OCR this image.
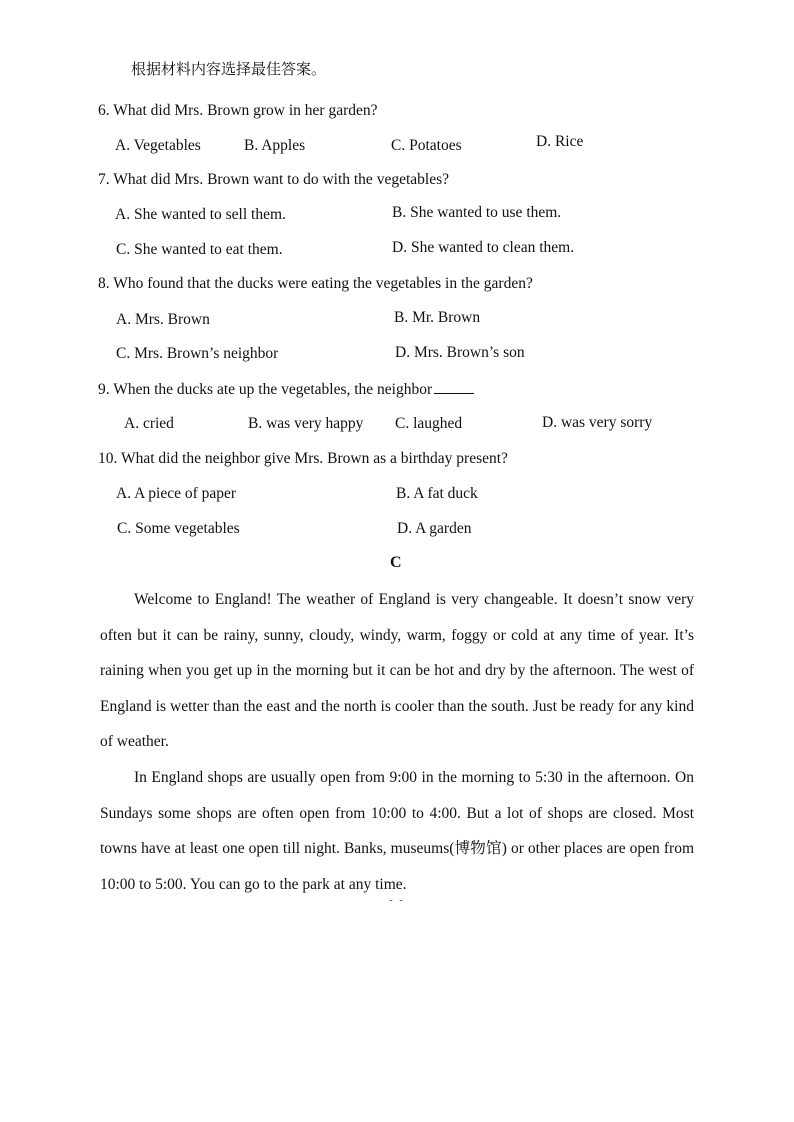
根据材料内容选择最佳答案。
6. What did Mrs. Brown grow in her garden?
A. Vegetables	B. Apples	C. Potatoes	D. Rice
7. What did Mrs. Brown want to do with the vegetables?
A. She wanted to sell them.	B. She wanted to use them.
C. She wanted to eat them.	D. She wanted to clean them.
8. Who found that the ducks were eating the vegetables in the garden?
A. Mrs. Brown	B. Mr. Brown
C. Mrs. Brown’s neighbor	D. Mrs. Brown’s son
9. When the ducks ate up the vegetables, the neighbor
A. cried	B. was very happy C. laughed	D. was very sorry
10. What did the neighbor give Mrs. Brown as a birthday present?
A. A piece of paper	B. A fat duck
C. Some vegetables	D. A garden
C
Welcome to England! The weather of England is very changeable. It doesn’t snow very often but it can be rainy, sunny, cloudy, windy, warm, foggy or cold at any time of year. It’s raining when you get up in the morning but it can be hot and dry by the afternoon. The west of England is wetter than the east and the north is cooler than the south. Just be ready for any kind of weather.
In England shops are usually open from 9:00 in the morning to 5:30 in the afternoon. On Sundays some shops are often open from 10:00 to 4:00. But a lot of shops are closed. Most towns have at least one open till night. Banks, museums(博物馆) or other places are open from 10:00 to 5:00. You can go to the park at any time.
- -
